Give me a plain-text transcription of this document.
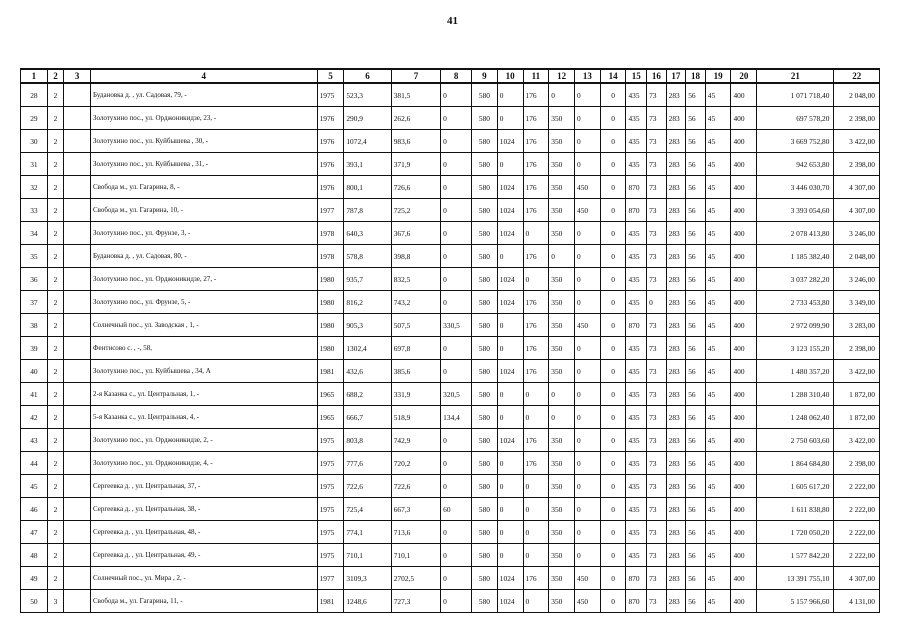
41
1	2	3	4	5	6	7	8	9	10	11	12	13	14	15	16	17	18	19	20	21	22
28	2		Будановка д. , ул. Садовая, 79, -	1975	523,3	381,5	0	580	0	176	0	0	0	435	73	283	56	45	400	1 071 718,40	2 048,00
29	2		Золотухино пос., ул. Орджоникидзе, 23, -	1976	290,9	262,6	0	580	0	176	350	0	0	435	73	283	56	45	400	697 578,20	2 398,00
30	2		Золотухино пос., ул. Куйбышева , 30, -	1976	1072,4	983,6	0	580	1024	176	350	0	0	435	73	283	56	45	400	3 669 752,80	3 422,00
31	2		Золотухино пос., ул. Куйбышева , 31, -	1976	393,1	371,9	0	580	0	176	350	0	0	435	73	283	56	45	400	942 653,80	2 398,00
32	2		Свобода м., ул. Гагарина, 8, -	1976	800,1	726,6	0	580	1024	176	350	450	0	870	73	283	56	45	400	3 446 030,70	4 307,00
33	2		Свобода м., ул. Гагарина, 10, -	1977	787,8	725,2	0	580	1024	176	350	450	0	870	73	283	56	45	400	3 393 054,60	4 307,00
34	2		Золотухино пос., ул. Фрунзе, 3, -	1978	640,3	367,6	0	580	1024	0	350	0	0	435	73	283	56	45	400	2 078 413,80	3 246,00
35	2		Будановка д. , ул. Садовая, 80, -	1978	578,8	398,8	0	580	0	176	0	0	0	435	73	283	56	45	400	1 185 382,40	2 048,00
36	2		Золотухино пос., ул. Орджоникидзе, 27, -	1980	935,7	832,5	0	580	1024	0	350	0	0	435	73	283	56	45	400	3 037 282,20	3 246,00
37	2		Золотухино пос., ул. Фрунзе, 5, -	1980	816,2	743,2	0	580	1024	176	350	0	0	435	0	283	56	45	400	2 733 453,80	3 349,00
38	2		Солнечный пос., ул. Заводская , 1, -	1980	905,3	507,5	330,5	580	0	176	350	450	0	870	73	283	56	45	400	2 972 099,90	3 283,00
39	2		Фентисово с. , -, 58,	1980	1302,4	697,8	0	580	0	176	350	0	0	435	73	283	56	45	400	3 123 155,20	2 398,00
40	2		Золотухино пос., ул. Куйбышева , 34, А	1981	432,6	385,6	0	580	1024	176	350	0	0	435	73	283	56	45	400	1 480 357,20	3 422,00
41	2		2-я Казанка с., ул. Центральная, 1, -	1965	688,2	331,9	320,5	580	0	0	0	0	0	435	73	283	56	45	400	1 288 310,40	1 872,00
42	2		5-я Казанка с., ул. Центральная, 4, -	1965	666,7	518,9	134,4	580	0	0	0	0	0	435	73	283	56	45	400	1 248 062,40	1 872,00
43	2		Золотухино пос., ул. Орджоникидзе, 2, -	1975	803,8	742,9	0	580	1024	176	350	0	0	435	73	283	56	45	400	2 750 603,60	3 422,00
44	2		Золотухино пос., ул. Орджоникидзе, 4, -	1975	777,6	720,2	0	580	0	176	350	0	0	435	73	283	56	45	400	1 864 684,80	2 398,00
45	2		Сергеевка д. , ул. Центральная, 37, -	1975	722,6	722,6	0	580	0	0	350	0	0	435	73	283	56	45	400	1 605 617,20	2 222,00
46	2		Сергеевка д. , ул. Центральная, 38, -	1975	725,4	667,3	60	580	0	0	350	0	0	435	73	283	56	45	400	1 611 838,80	2 222,00
47	2		Сергеевка д. , ул. Центральная, 48, -	1975	774,1	713,6	0	580	0	0	350	0	0	435	73	283	56	45	400	1 720 050,20	2 222,00
48	2		Сергеевка д. , ул. Центральная, 49, -	1975	710,1	710,1	0	580	0	0	350	0	0	435	73	283	56	45	400	1 577 842,20	2 222,00
49	2		Солнечный пос., ул. Мира , 2, -	1977	3109,3	2702,5	0	580	1024	176	350	450	0	870	73	283	56	45	400	13 391 755,10	4 307,00
50	3		Свобода м., ул. Гагарина, 11, -	1981	1248,6	727,3	0	580	1024	0	350	450	0	870	73	283	56	45	400	5 157 966,60	4 131,00
